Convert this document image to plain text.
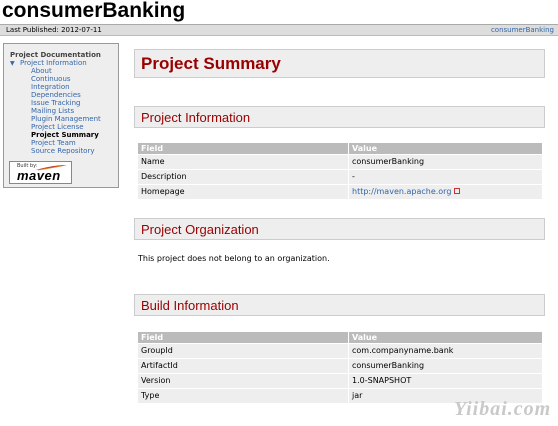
consumerBanking
Last Published: 2012-07-11	consumerBanking
Project Documentation
▼ Project Information
About
Continuous
Integration
Dependencies
Issue Tracking
Mailing Lists
Plugin Management
Project License
Project Summary
Project Team
Source Repository
Built by:
maven
Project Summary
Project Information
Field	Value
Name	consumerBanking
Description	-
Homepage	http://maven.apache.org
Project Organization
This project does not belong to an organization.
Build Information
Field	Value
GroupId	com.companyname.bank
ArtifactId	consumerBanking
Version	1.0-SNAPSHOT
Type	jar
Yiibai.com
